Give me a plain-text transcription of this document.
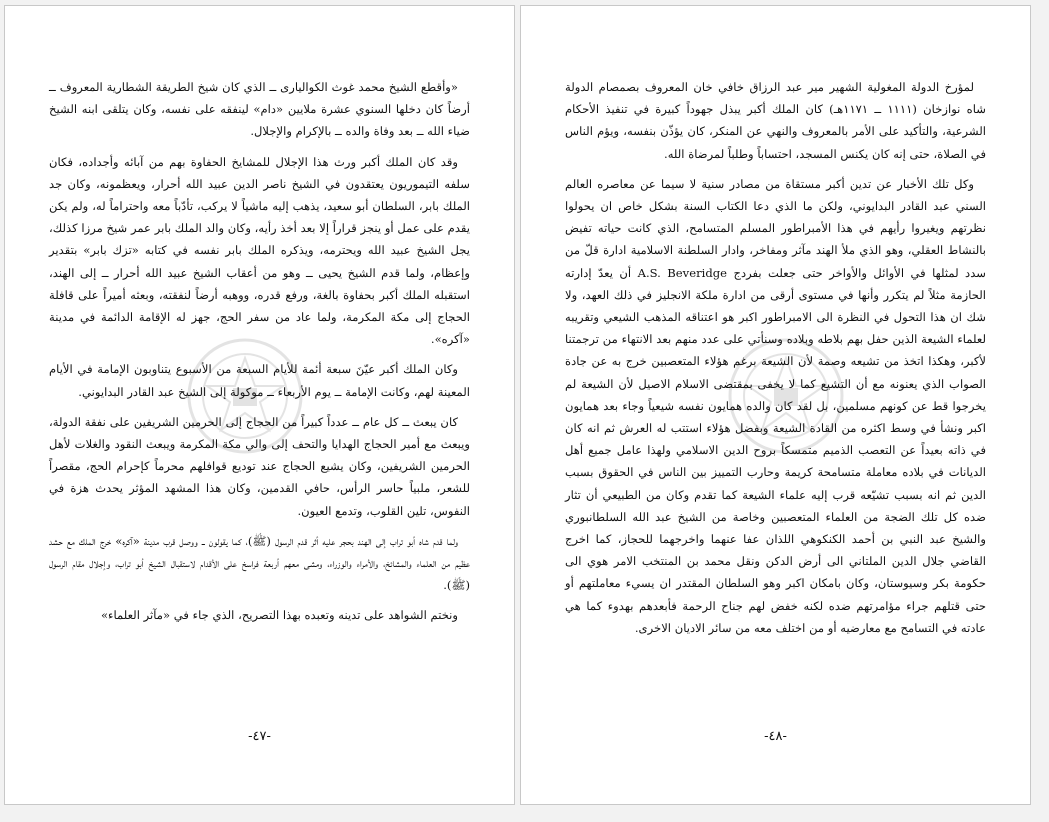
«وأقطع الشيخ محمد غوث الكواليارى ــ الذي كان شيخ الطريقة الشطارية المعروف ــ أرضاً كان دخلها السنوي عشرة ملايين «دام» لينفقه على نفسه، وكان يتلقى ابنه الشيخ ضياء الله ــ بعد وفاة والده ــ بالإكرام والإجلال.

وقد كان الملك أكبر ورث هذا الإجلال للمشايخ الحفاوة بهم من آبائه وأجداده، فكان سلفه التيموريون يعتقدون في الشيخ ناصر الدين عبيد الله أحرار، ويعظمونه، وكان جد الملك بابر، السلطان أبو سعيد، يذهب إليه ماشياً لا يركب، تأدّباً معه واحتراماً له، ولم يكن يقدم على عمل أو ينجز قراراً إلا بعد أخذ رأيه، وكان والد الملك بابر عمر شيخ مرزا كذلك، يجل الشيخ عبيد الله ويحترمه، ويذكره الملك بابر نفسه في كتابه «تزك بابر» بتقدير وإعظام، ولما قدم الشيخ يحيى ــ وهو من أعقاب الشيخ عبيد الله أحرار ــ إلى الهند، استقبله الملك أكبر بحفاوة بالغة، ورفع قدره، ووهبه أرضاً لنفقته، وبعثه أميراً على قافلة الحجاج إلى مكة المكرمة، ولما عاد من سفر الحج، جهز له الإقامة الدائمة في مدينة «آكره».

وكان الملك أكبر عيّنَ سبعة أئمة للأيام السبعة من الأسبوع يتناوبون الإمامة في الأيام المعينة لهم، وكانت الإمامة ــ يوم الأربعاء ــ موكولة إلى الشيخ عبد القادر البدايوني.

كان يبعث ــ كل عام ــ عدداً كبيراً من الحجاج إلى الحرمين الشريفين على نفقة الدولة، ويبعث مع أمير الحجاج الهدايا والتحف إلى والي مكة المكرمة ويبعث النقود والغلات لأهل الحرمين الشريفين، وكان يشيع الحجاج عند توديع قوافلهم محرماً كإحرام الحج، مقصراً للشعر، ملبياً حاسر الرأس، حافي القدمين، وكان هذا المشهد المؤثر يحدث هزة في النفوس، تلين القلوب، وتدمع العيون.

ولما قدم شاه أبو تراب إلى الهند بحجر عليه أثر قدم الرسول (ﷺ)، كما يقولون ــ ووصل قرب مدينة «آكره» خرج الملك مع حشد عظيم من العلماء والمشائخ، والأمراء والوزراء، ومشى معهم أربعة فراسخ على الأقدام لاستقبال الشيخ أبو تراب، وإجلال مقام الرسول (ﷺ).

ونختم الشواهد على تدينه وتعبده بهذا التصريح، الذي جاء في «مآثر العلماء»

-٤٧-

لمؤرخ الدولة المغولية الشهير مير عبد الرزاق خافي خان المعروف بصمصام الدولة شاه نوازخان (١١١١ ــ ١١٧١هـ) كان الملك أكبر يبذل جهوداً كبيرة في تنفيذ الأحكام الشرعية، والتأكيد على الأمر بالمعروف والنهي عن المنكر، كان يؤذّن بنفسه، ويؤم الناس في الصلاة، حتى إنه كان يكنس المسجد، احتساباً وطلباً لمرضاة الله.

وكل تلك الأخبار عن تدين أكبر مستقاة من مصادر سنية لا سيما عن معاصره العالم السني عبد القادر البدايوني، ولكن ما الذي دعا الكتاب السنة بشكل خاص ان يحولوا نظرتهم ويغيروا رأيهم في هذا الأمبراطور المسلم المتسامح، الذي كانت حياته تفيض بالنشاط العقلي، وهو الذي ملأ الهند مآثر ومفاخر، وادار السلطنة الاسلامية ادارة قلّ من سدد لمثلها في الأوائل والأواخر حتى جعلت بفردج A.S. Beveridge أن يعدّ إدارته الحازمة مثلاً لم يتكرر وأنها في مستوى أرقى من ادارة ملكة الانجليز في ذلك العهد، ولا شك ان هذا التحول في النظرة الى الامبراطور اكبر هو اعتناقه المذهب الشيعي وتقريبه لعلماء الشيعة الذين حفل بهم بلاطه وبلاده وسنأتي على عدد منهم بعد الانتهاء من ترجمتنا لأكبر، وهكذا اتخذ من تشيعه وصمة لأن الشيعة برغم هؤلاء المتعصبين خرج به عن جادة الصواب الذي يعنونه مع أن التشيع كما لا يخفى بمقتضى الاسلام الاصيل لأن الشيعة لم يخرجوا قط عن كونهم مسلمين، بل لقد كان والده همايون نفسه شيعياً وجاء بعد همايون اكبر ونشأ في وسط اكثره من القادة الشيعة وبفضل هؤلاء استتب له العرش ثم انه كان في ذاته بعيداً عن التعصب الذميم متمسكاً بروح الدين الاسلامي ولهذا عامل جميع أهل الديانات في بلاده معاملة متسامحة كريمة وحارب التمييز بين الناس في الحقوق بسبب الدين ثم انه بسبب تشيّعه قرب إليه علماء الشيعة كما تقدم وكان من الطبيعي أن تثار ضده كل تلك الضجة من العلماء المتعصبين وخاصة من الشيخ عبد الله السلطانبوري والشيخ عبد النبي بن أحمد الكنكوهي اللذان عفا عنهما واخرجهما للحجاز، كما اخرج القاضي جلال الدين الملتاني الى أرض الدكن ونقل محمد بن المنتخب الامر هوي الى حكومة بكر وسيوستان، وكان بامكان اكبر وهو السلطان المقتدر ان يسيء معاملتهم أو حتى قتلهم جراء مؤامرتهم ضده لكنه خفض لهم جناح الرحمة فأبعدهم بهدوء كما هي عادته في التسامح مع معارضيه أو من اختلف معه من سائر الاديان الاخرى.

-٤٨-
